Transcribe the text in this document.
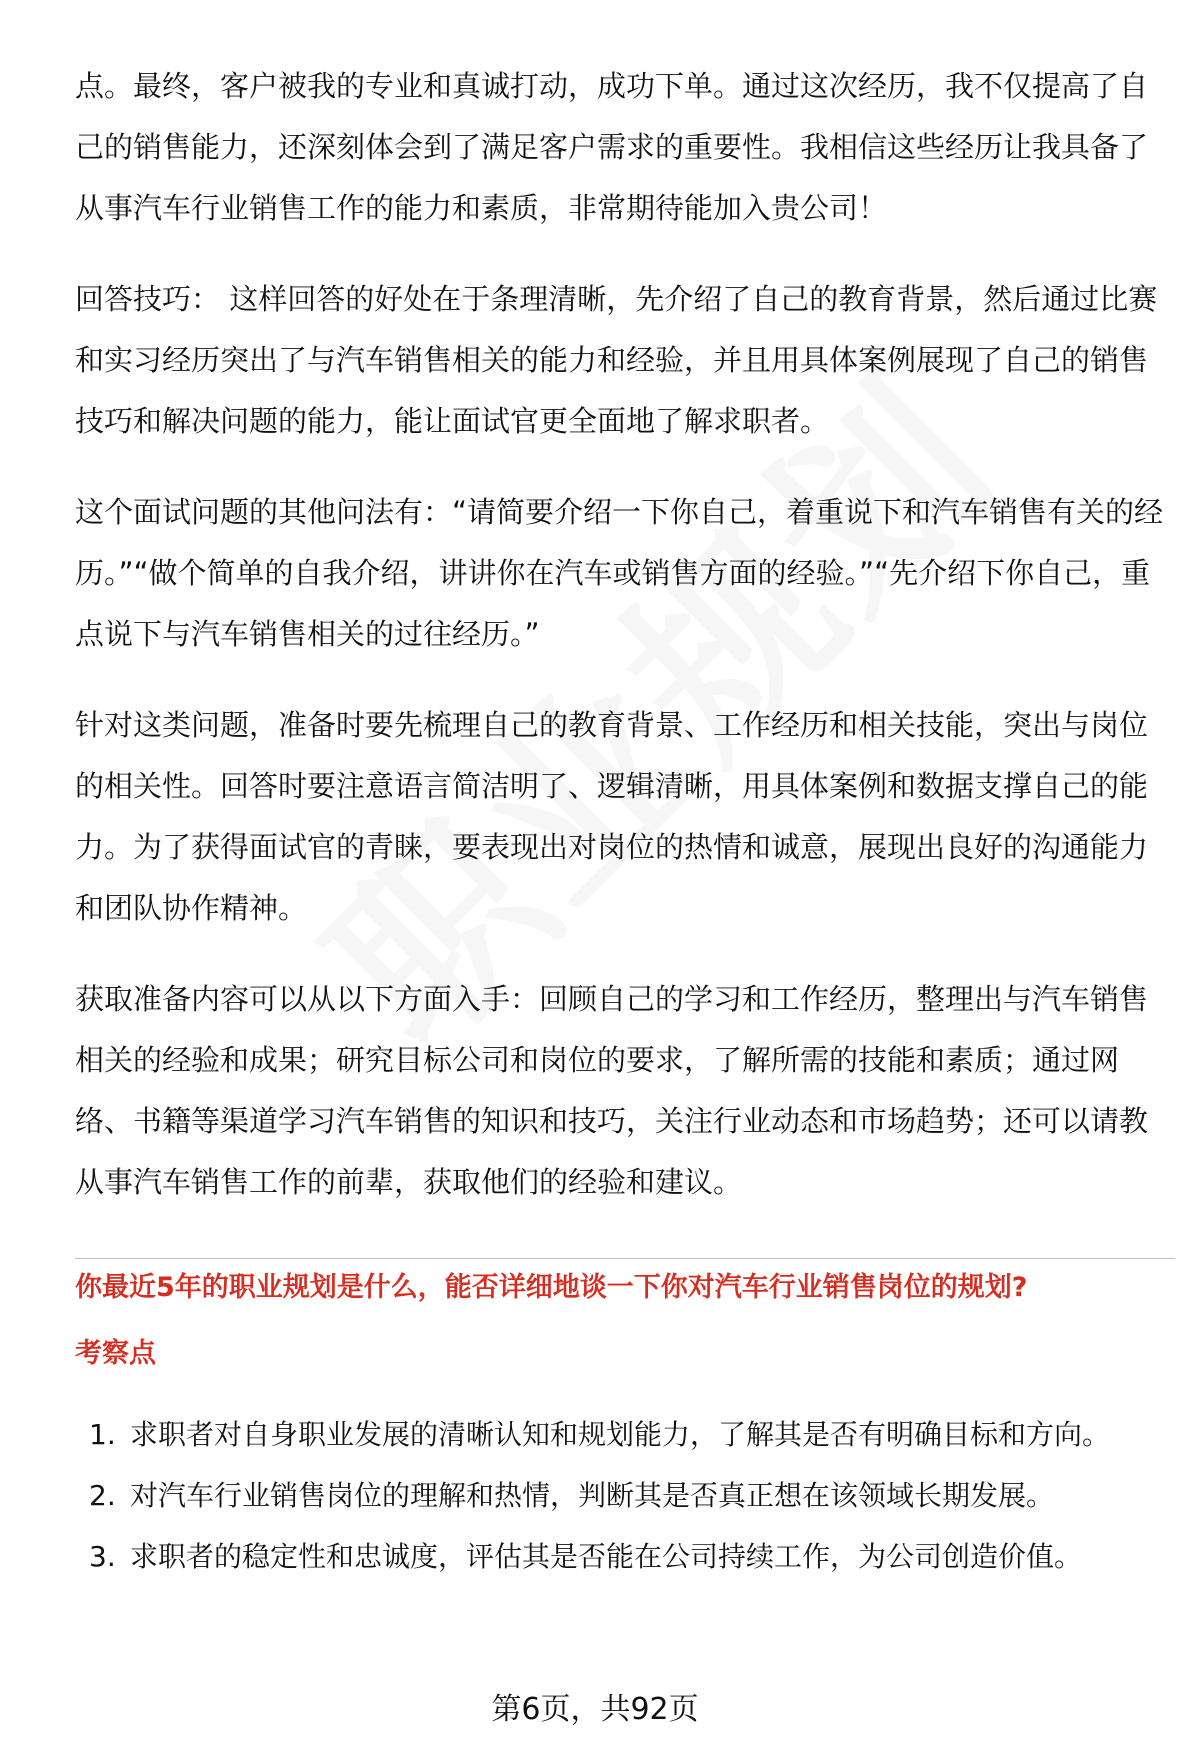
点。最终，客户被我的专业和真诚打动，成功下单。通过这次经历，我不仅提高了自己的销售能力，还深刻体会到了满足客户需求的重要性。我相信这些经历让我具备了从事汽车行业销售工作的能力和素质，非常期待能加入贵公司！

回答技巧： 这样回答的好处在于条理清晰，先介绍了自己的教育背景，然后通过比赛和实习经历突出了与汽车销售相关的能力和经验，并且用具体案例展现了自己的销售技巧和解决问题的能力，能让面试官更全面地了解求职者。

这个面试问题的其他问法有：“请简要介绍一下你自己，着重说下和汽车销售有关的经历。”“做个简单的自我介绍，讲讲你在汽车或销售方面的经验。”“先介绍下你自己，重点说下与汽车销售相关的过往经历。”

针对这类问题，准备时要先梳理自己的教育背景、工作经历和相关技能，突出与岗位的相关性。回答时要注意语言简洁明了、逻辑清晰，用具体案例和数据支撑自己的能力。为了获得面试官的青睐，要表现出对岗位的热情和诚意，展现出良好的沟通能力和团队协作精神。

获取准备内容可以从以下方面入手：回顾自己的学习和工作经历，整理出与汽车销售相关的经验和成果；研究目标公司和岗位的要求，了解所需的技能和素质；通过网络、书籍等渠道学习汽车销售的知识和技巧，关注行业动态和市场趋势；还可以请教从事汽车销售工作的前辈，获取他们的经验和建议。

你最近5年的职业规划是什么，能否详细地谈一下你对汽车行业销售岗位的规划?

考察点

1. 求职者对自身职业发展的清晰认知和规划能力，了解其是否有明确目标和方向。
2. 对汽车行业销售岗位的理解和热情，判断其是否真正想在该领域长期发展。
3. 求职者的稳定性和忠诚度，评估其是否能在公司持续工作，为公司创造价值。
第6页，共92页
